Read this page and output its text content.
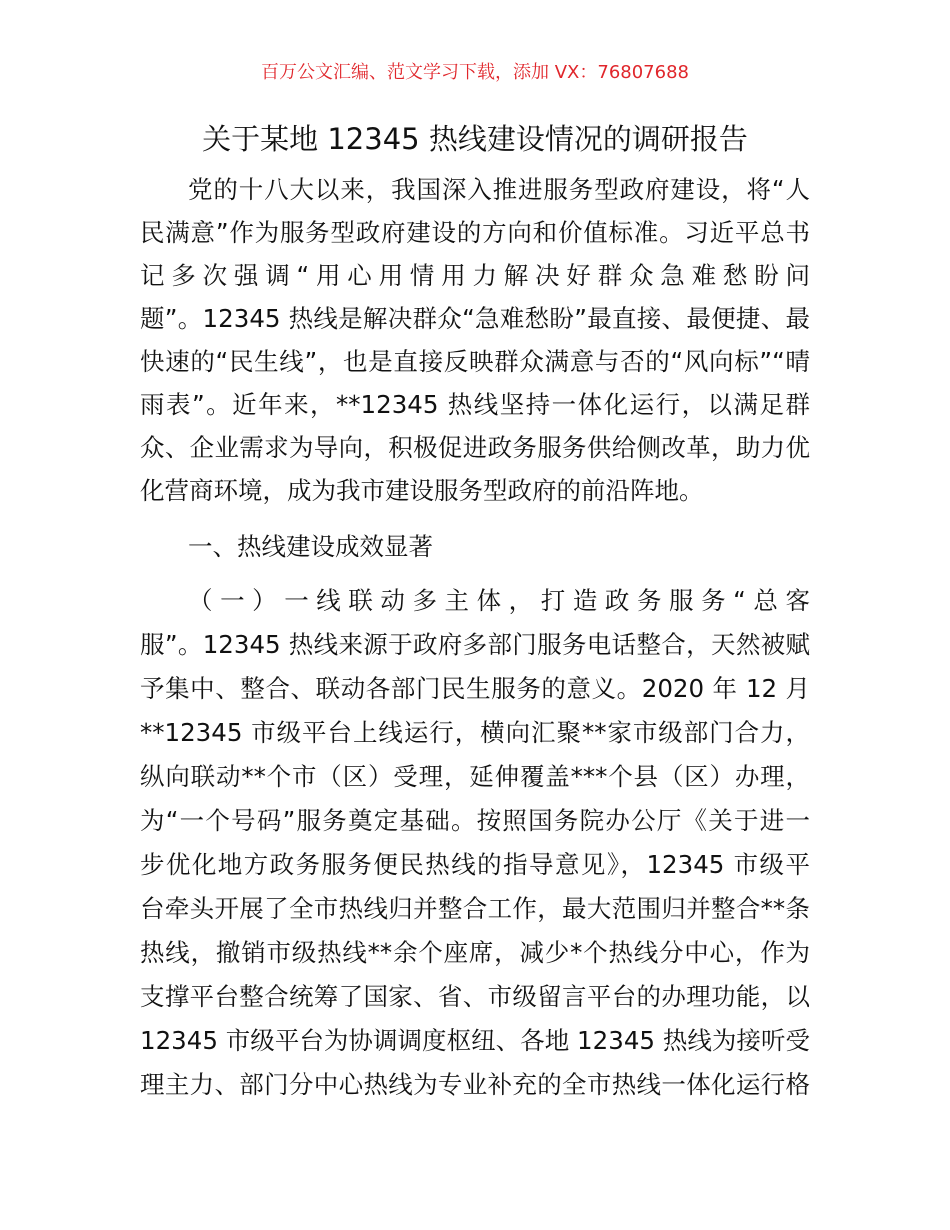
百万公文汇编、范文学习下载，添加 VX：76807688
关于某地 12345 热线建设情况的调研报告
党的十八大以来，我国深入推进服务型政府建设，将“人
民满意”作为服务型政府建设的方向和价值标准。习近平总书
记多次强调“用心用情用力解决好群众急难愁盼问
题”。12345 热线是解决群众“急难愁盼”最直接、最便捷、最
快速的“民生线”，也是直接反映群众满意与否的“风向标”“晴
雨表”。近年来，**12345 热线坚持一体化运行，以满足群
众、企业需求为导向，积极促进政务服务供给侧改革，助力优
化营商环境，成为我市建设服务型政府的前沿阵地。
一、热线建设成效显著
（一）一线联动多主体，打造政务服务“总客
服”。12345 热线来源于政府多部门服务电话整合，天然被赋
予集中、整合、联动各部门民生服务的意义。2020 年 12 月
**12345 市级平台上线运行，横向汇聚**家市级部门合力，
纵向联动**个市（区）受理，延伸覆盖***个县（区）办理，
为“一个号码”服务奠定基础。按照国务院办公厅《关于进一
步优化地方政务服务便民热线的指导意见》，12345 市级平
台牵头开展了全市热线归并整合工作，最大范围归并整合**条
热线，撤销市级热线**余个座席，减少*个热线分中心，作为
支撑平台整合统筹了国家、省、市级留言平台的办理功能，以
12345 市级平台为协调调度枢纽、各地 12345 热线为接听受
理主力、部门分中心热线为专业补充的全市热线一体化运行格
